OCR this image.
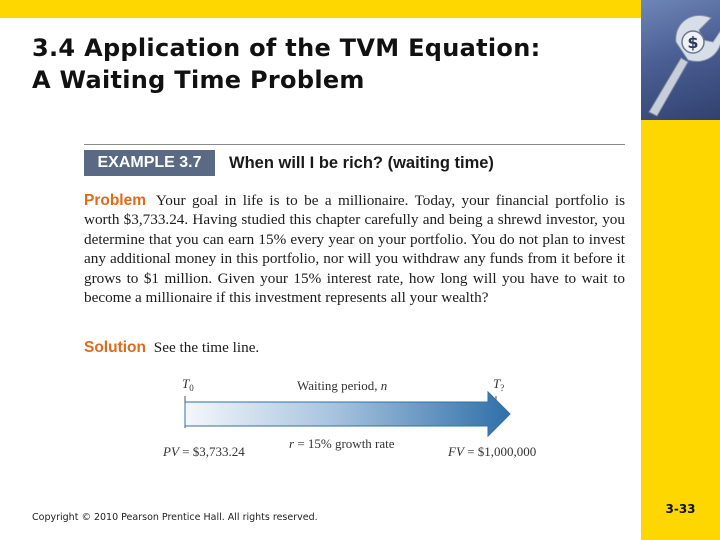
$
3.4 Application of the TVM Equation:
A Waiting Time Problem
EXAMPLE 3.7	When will I be rich? (waiting time)

Problem Your goal in life is to be a millionaire. Today, your financial portfolio is worth $3,733.24. Having studied this chapter carefully and being a shrewd investor, you determine that you can earn 15% every year on your portfolio. You do not plan to invest any additional money in this portfolio, nor will you withdraw any funds from it before it grows to $1 million. Given your 15% interest rate, how long will you have to wait to become a millionaire if this investment represents all your wealth?

Solution See the time line.

$T_0$	$T_?$
Waiting period, n
r = 15% growth rate
PV = $3,733.24	FV = $1,000,000
Copyright © 2010 Pearson Prentice Hall. All rights reserved.
3-33
